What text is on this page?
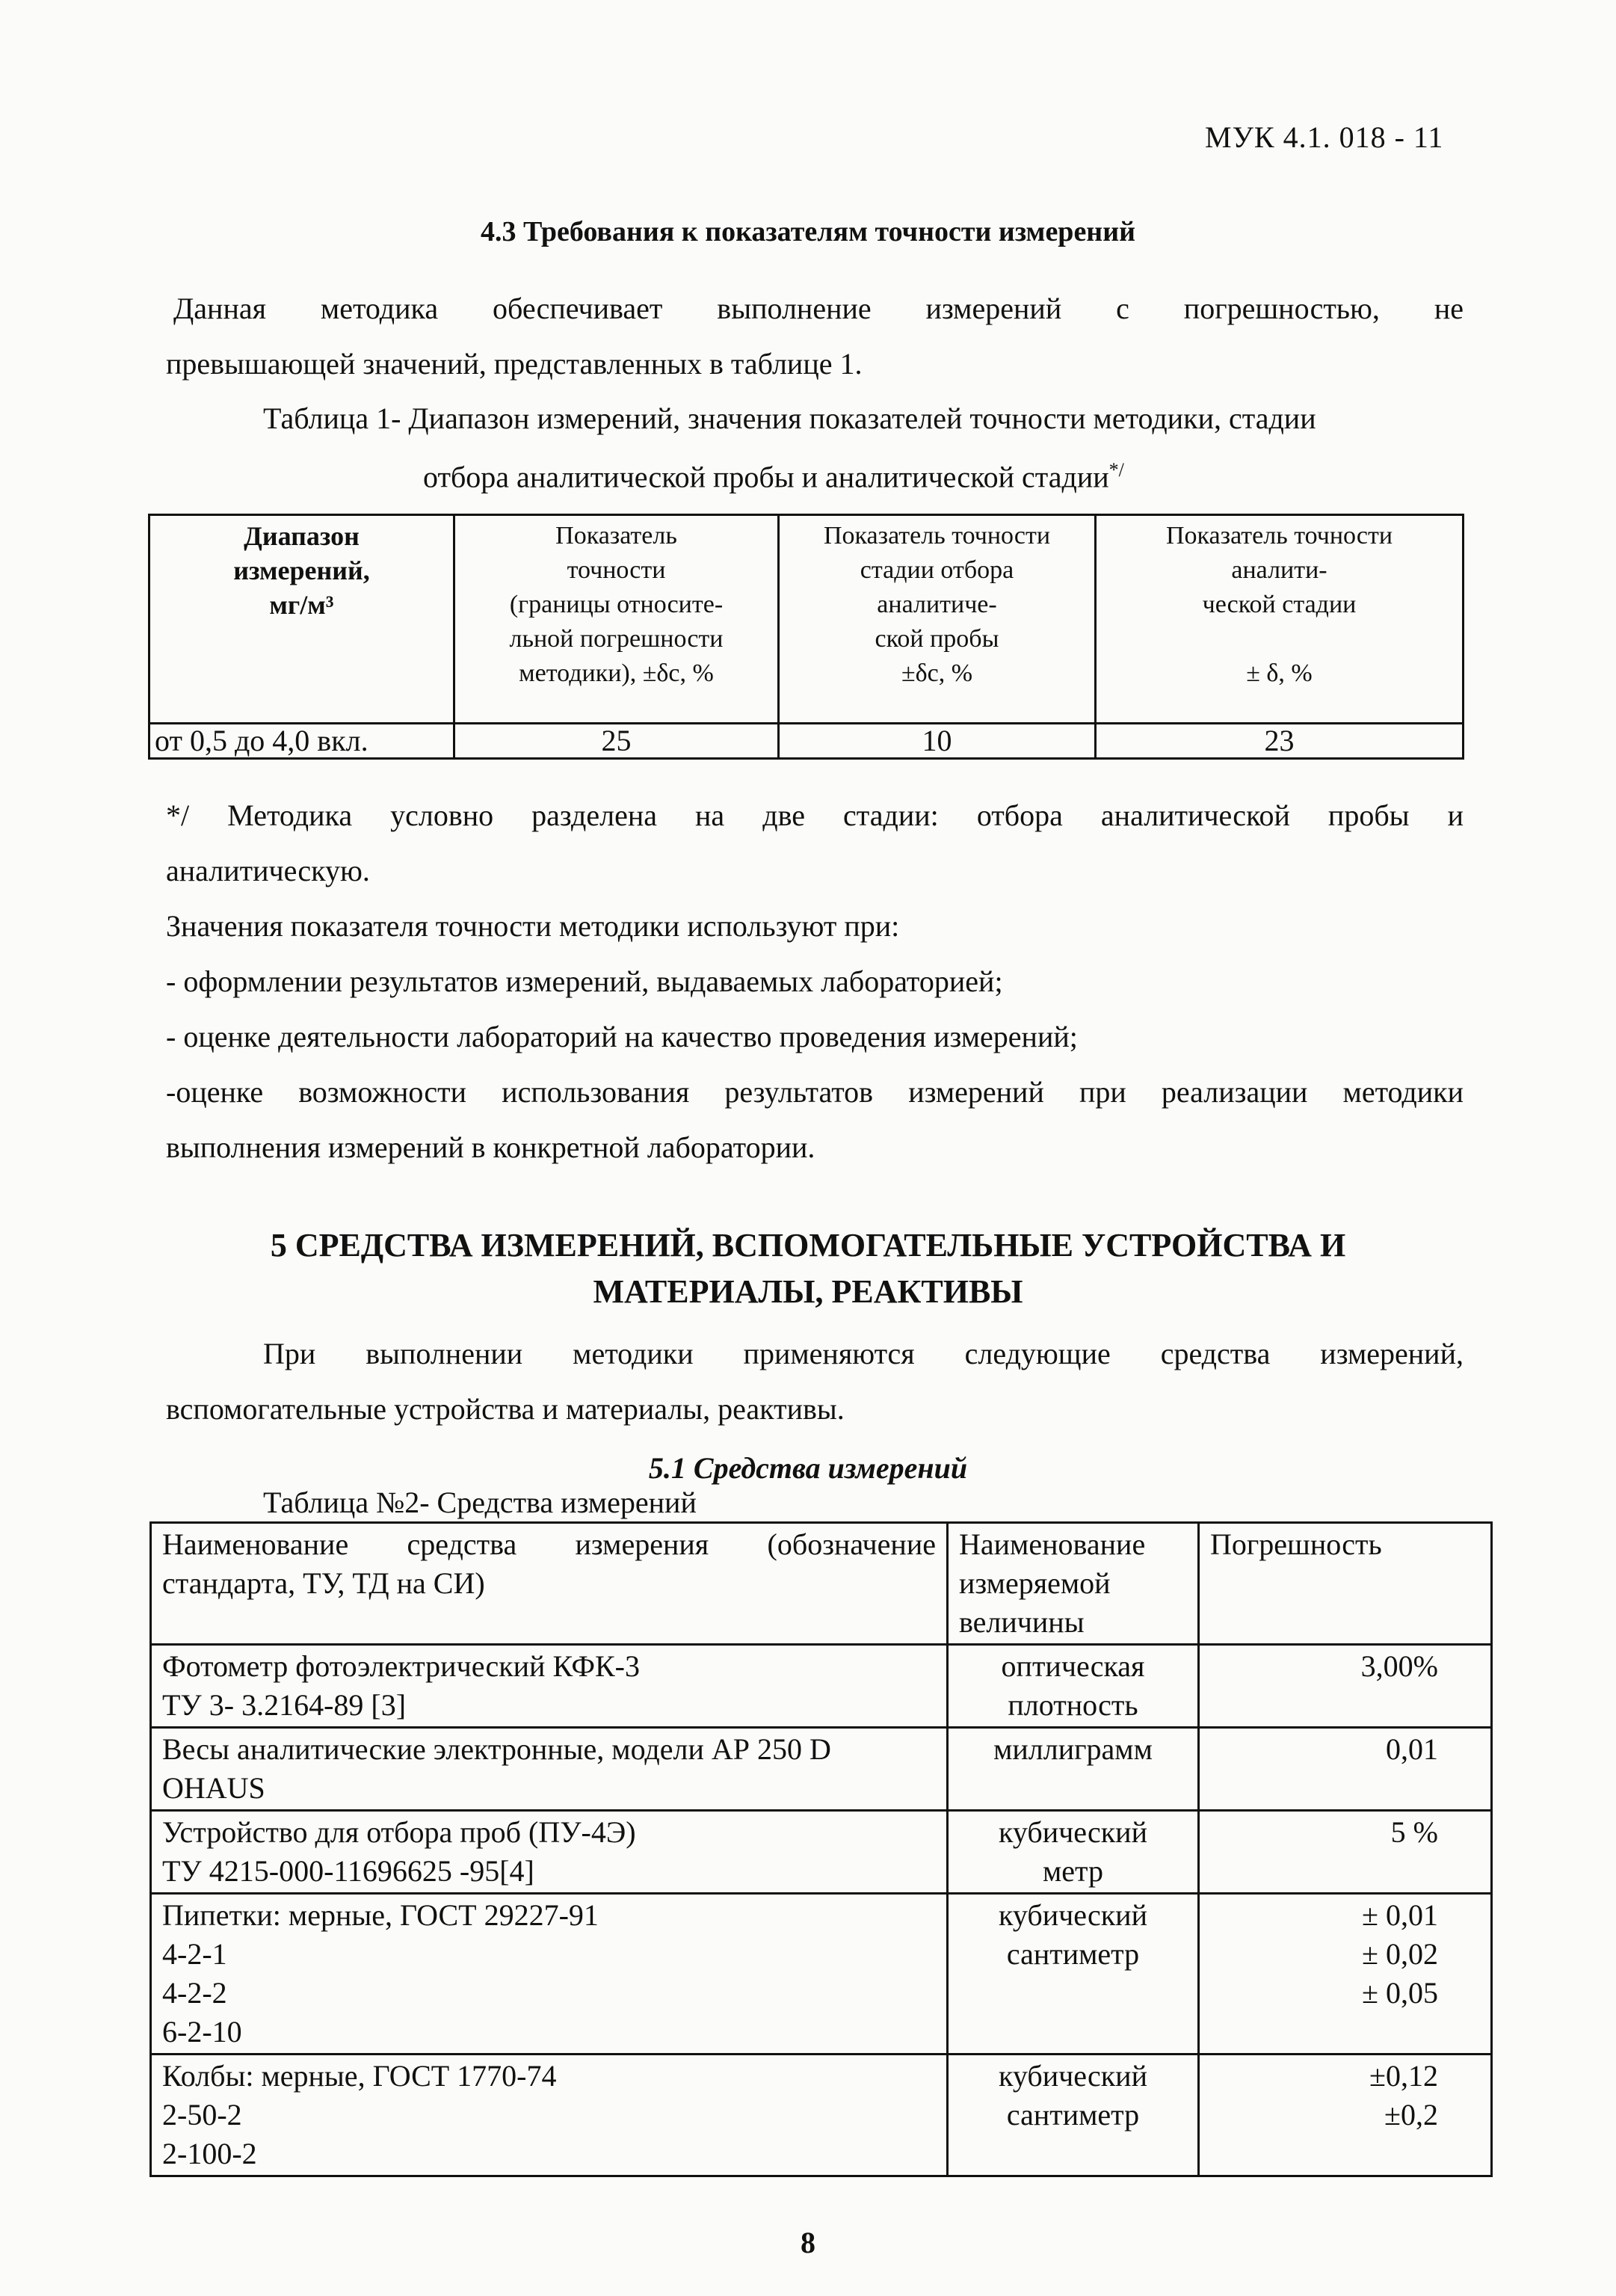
МУК 4.1. 018 - 11
4.3 Требования к показателям точности измерений
Данная методика обеспечивает выполнение измерений с погрешностью, не
превышающей значений, представленных в таблице 1.
Таблица 1- Диапазон измерений, значения показателей точности методики, стадии
отбора аналитической пробы и аналитической стадии*/
Диапазон
измерений,
мг/м³	Показатель
точности
(границы относите-
льной погрешности
методики), ±δс, %	Показатель точности
стадии отбора
аналитиче-
ской пробы
±δс, %	Показатель точности
аналити-
ческой стадии
± δ, %

от 0,5 до 4,0 вкл.	25	10	23
*/ Методика условно разделена на две стадии: отбора аналитической пробы и
аналитическую.
Значения показателя точности методики используют при:
- оформлении результатов измерений, выдаваемых лабораторией;
- оценке деятельности лабораторий на качество проведения измерений;
-оценке возможности использования результатов измерений при реализации методики
выполнения измерений в конкретной лаборатории.
5 СРЕДСТВА ИЗМЕРЕНИЙ, ВСПОМОГАТЕЛЬНЫЕ УСТРОЙСТВА И
МАТЕРИАЛЫ, РЕАКТИВЫ
При выполнении методики применяются следующие средства измерений,
вспомогательные устройства и материалы, реактивы.
5.1 Средства измерений
Таблица №2- Средства измерений
Наименование средства измерения (обозначение
стандарта, ТУ, ТД на СИ)	Наименование
измеряемой
величины	Погрешность

Фотометр фотоэлектрический КФК-3
ТУ 3- 3.2164-89 [3]	оптическая
плотность	3,00%

Весы аналитические электронные, модели АР 250 D
OHAUS	миллиграмм	0,01

Устройство для отбора проб (ПУ-4Э)
ТУ 4215-000-11696625 -95[4]	кубический
метр	5 %

Пипетки: мерные, ГОСТ 29227-91
4-2-1
4-2-2
6-2-10	кубический
сантиметр	± 0,01
± 0,02
± 0,05

Колбы: мерные, ГОСТ 1770-74
2-50-2
2-100-2	кубический
сантиметр	±0,12
±0,2
8
